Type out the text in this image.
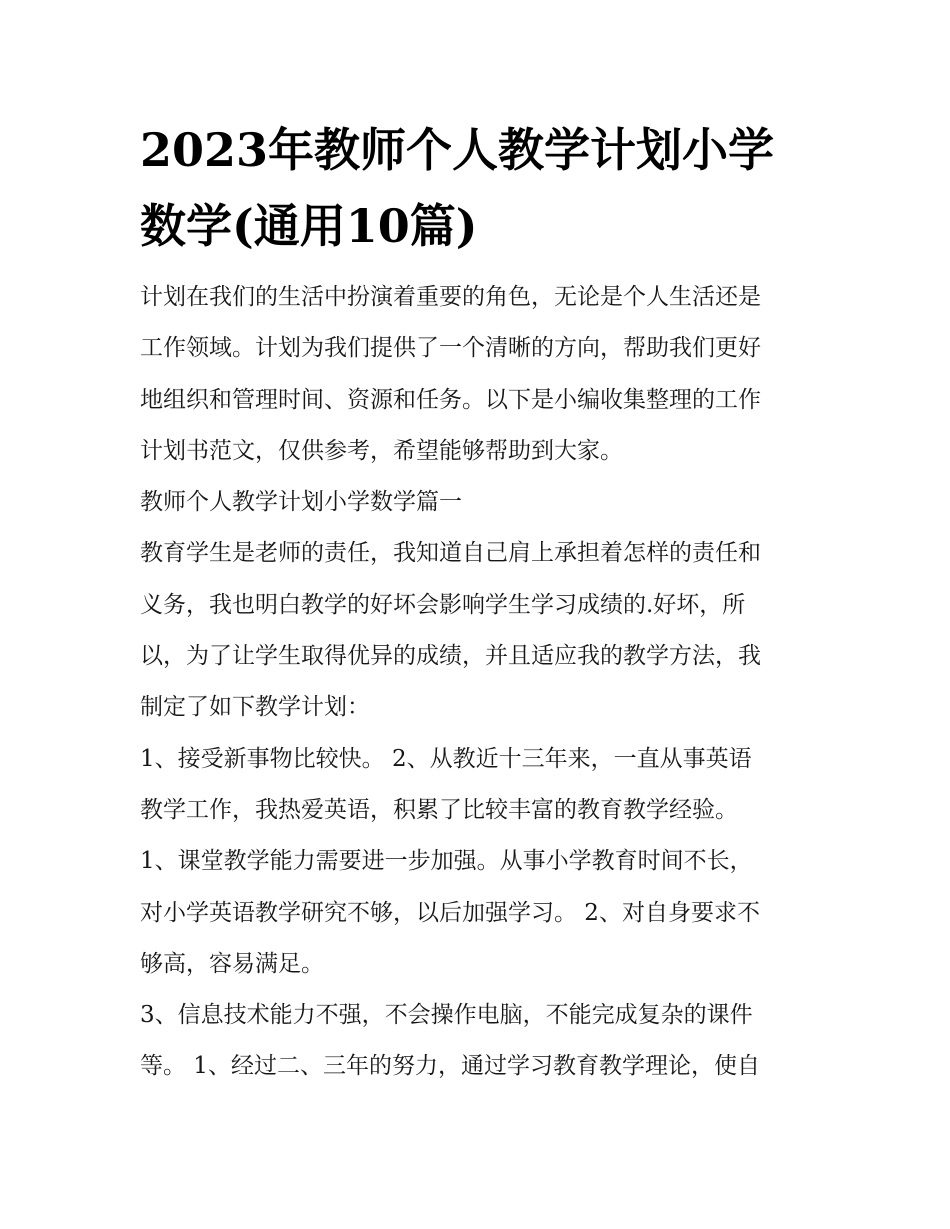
2023年教师个人教学计划小学
数学(通用10篇)
计划在我们的生活中扮演着重要的角色，无论是个人生活还是
工作领域。计划为我们提供了一个清晰的方向，帮助我们更好
地组织和管理时间、资源和任务。以下是小编收集整理的工作
计划书范文，仅供参考，希望能够帮助到大家。
教师个人教学计划小学数学篇一
教育学生是老师的责任，我知道自己肩上承担着怎样的责任和
义务，我也明白教学的好坏会影响学生学习成绩的.好坏，所
以，为了让学生取得优异的成绩，并且适应我的教学方法，我
制定了如下教学计划：
1、接受新事物比较快。 2、从教近十三年来，一直从事英语
教学工作，我热爱英语，积累了比较丰富的教育教学经验。
1、课堂教学能力需要进一步加强。从事小学教育时间不长，
对小学英语教学研究不够，以后加强学习。 2、对自身要求不
够高，容易满足。
3、信息技术能力不强，不会操作电脑，不能完成复杂的课件
等。 1、经过二、三年的努力，通过学习教育教学理论，使自
